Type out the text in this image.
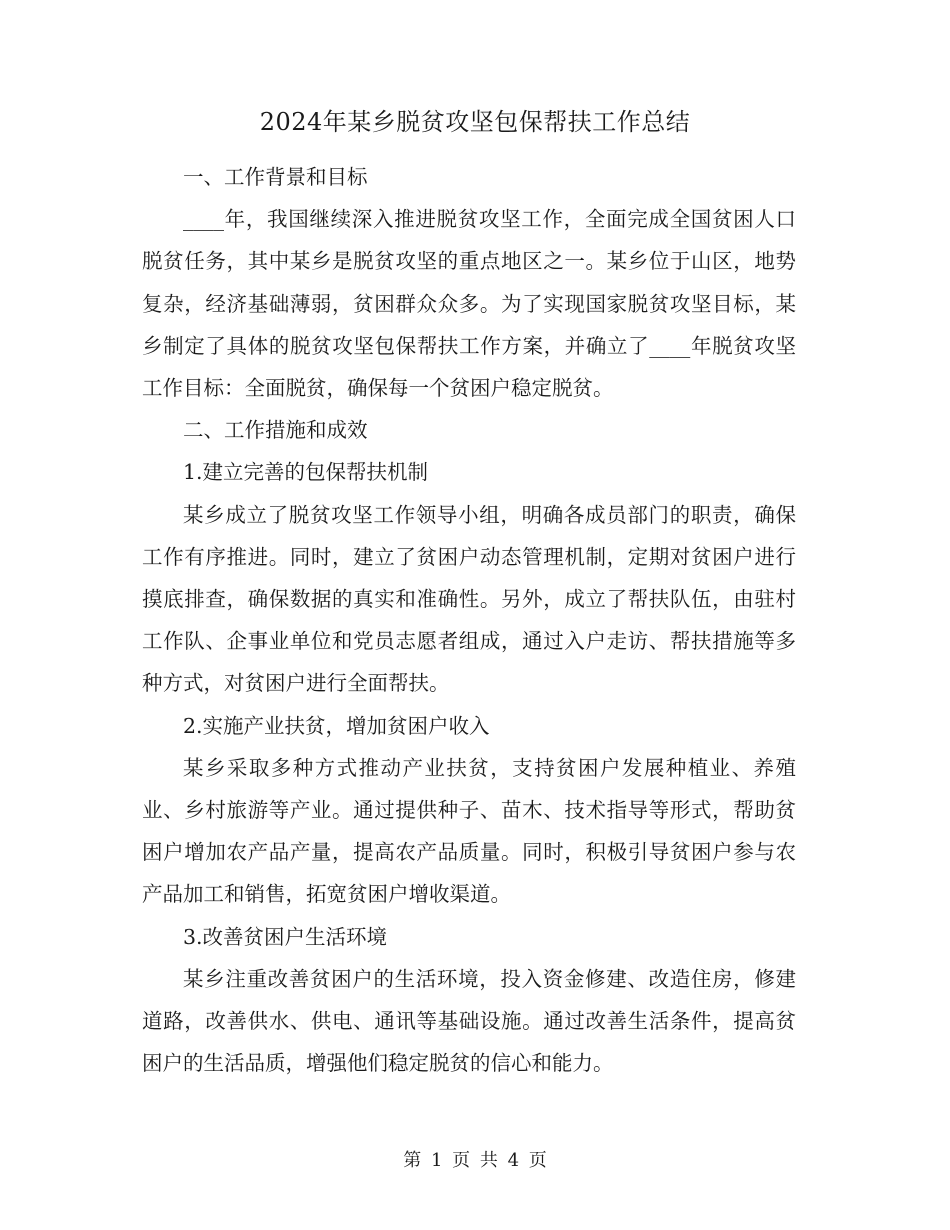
2024年某乡脱贫攻坚包保帮扶工作总结

一、工作背景和目标

____年，我国继续深入推进脱贫攻坚工作，全面完成全国贫困人口脱贫任务，其中某乡是脱贫攻坚的重点地区之一。某乡位于山区，地势复杂，经济基础薄弱，贫困群众众多。为了实现国家脱贫攻坚目标，某乡制定了具体的脱贫攻坚包保帮扶工作方案，并确立了____年脱贫攻坚工作目标：全面脱贫，确保每一个贫困户稳定脱贫。

二、工作措施和成效

1.建立完善的包保帮扶机制

某乡成立了脱贫攻坚工作领导小组，明确各成员部门的职责，确保工作有序推进。同时，建立了贫困户动态管理机制，定期对贫困户进行摸底排查，确保数据的真实和准确性。另外，成立了帮扶队伍，由驻村工作队、企事业单位和党员志愿者组成，通过入户走访、帮扶措施等多种方式，对贫困户进行全面帮扶。

2.实施产业扶贫，增加贫困户收入

某乡采取多种方式推动产业扶贫，支持贫困户发展种植业、养殖业、乡村旅游等产业。通过提供种子、苗木、技术指导等形式，帮助贫困户增加农产品产量，提高农产品质量。同时，积极引导贫困户参与农产品加工和销售，拓宽贫困户增收渠道。

3.改善贫困户生活环境

某乡注重改善贫困户的生活环境，投入资金修建、改造住房，修建道路，改善供水、供电、通讯等基础设施。通过改善生活条件，提高贫困户的生活品质，增强他们稳定脱贫的信心和能力。

第 1 页 共 4 页
